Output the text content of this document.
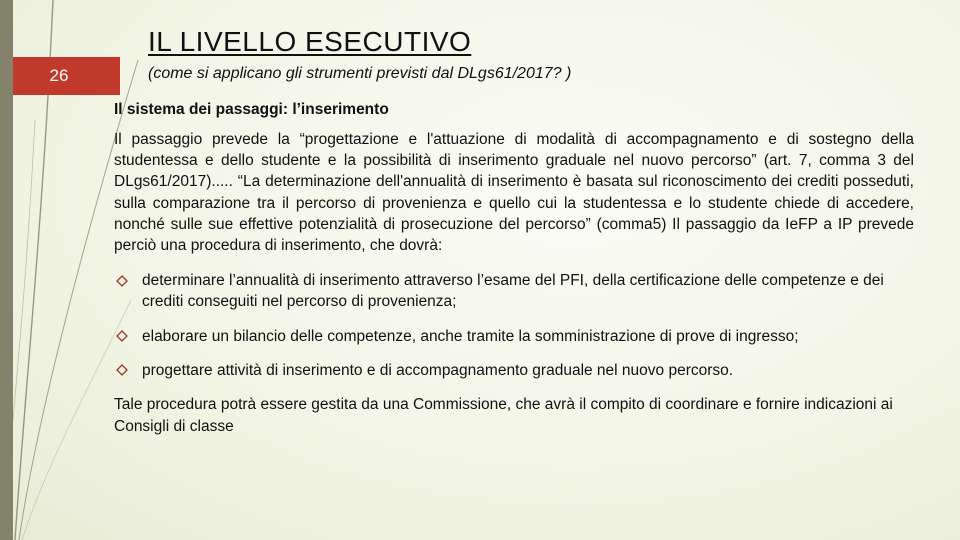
26
IL LIVELLO ESECUTIVO
(come si applicano gli strumenti previsti dal DLgs61/2017? )
Il sistema dei passaggi: l’inserimento

Il passaggio prevede la “progettazione e l'attuazione di modalità di accompagnamento e di sostegno della studentessa e dello studente e la possibilità di inserimento graduale nel nuovo percorso” (art. 7, comma 3 del DLgs61/2017)..... “La determinazione dell'annualità di inserimento è basata sul riconoscimento dei crediti posseduti, sulla comparazione tra il percorso di provenienza e quello cui la studentessa e lo studente chiede di accedere, nonché sulle sue effettive potenzialità di prosecuzione del percorso” (comma5) Il passaggio da IeFP a IP prevede perciò una procedura di inserimento, che dovrà:

determinare l’annualità di inserimento attraverso l’esame del PFI, della certificazione delle competenze e dei crediti conseguiti nel percorso di provenienza;
elaborare un bilancio delle competenze, anche tramite la somministrazione di prove di ingresso;
progettare attività di inserimento e di accompagnamento graduale nel nuovo percorso.

Tale procedura potrà essere gestita da una Commissione, che avrà il compito di coordinare e fornire indicazioni ai Consigli di classe
